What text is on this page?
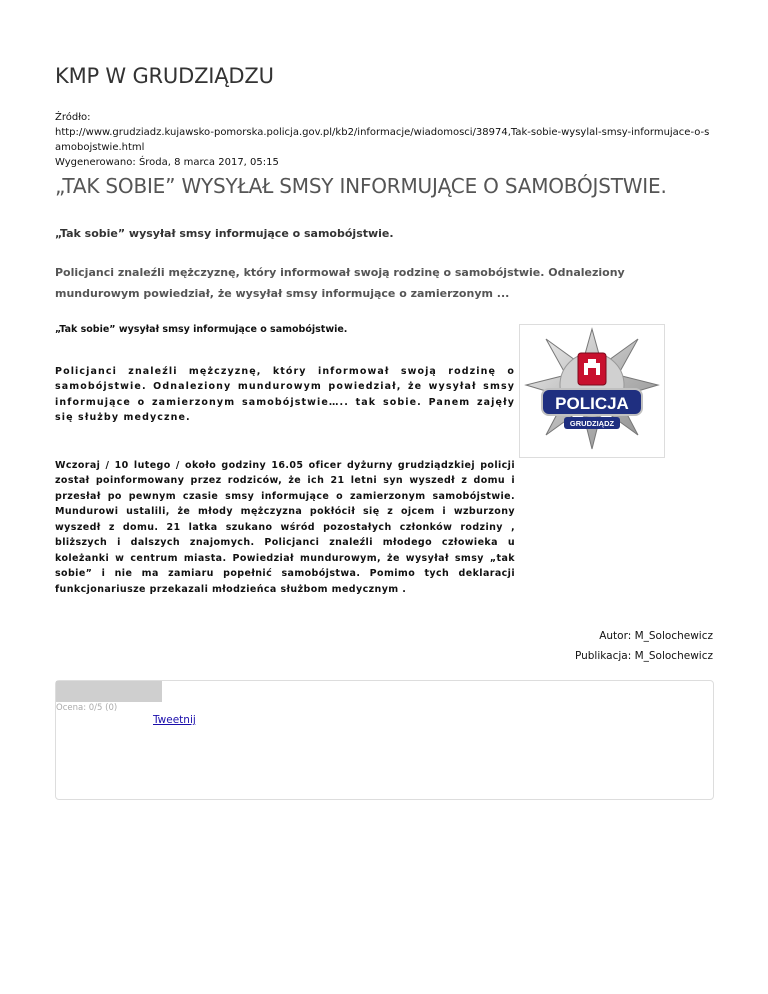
KMP W GRUDZIĄDZU
Źródło:
http://www.grudziadz.kujawsko-pomorska.policja.gov.pl/kb2/informacje/wiadomosci/38974,Tak-sobie-wysylal-smsy-informujace-o-samobojstwie.html
Wygenerowano: Środa, 8 marca 2017, 05:15
„TAK SOBIE” WYSYŁAŁ SMSY INFORMUJĄCE O SAMOBÓJSTWIE.
„Tak sobie” wysyłał smsy informujące o samobójstwie.
Policjanci znaleźli mężczyznę, który informował swoją rodzinę o samobójstwie. Odnaleziony mundurowym powiedział, że wysyłał smsy informujące o zamierzonym ...

„Tak sobie” wysyłał smsy informujące o samobójstwie.

Policjanci znaleźli mężczyznę, który informował swoją rodzinę o samobójstwie. Odnaleziony mundurowym powiedział, że wysyłał smsy informujące o zamierzonym samobójstwie….. tak sobie. Panem zajęły się służby medyczne.

Wczoraj / 10 lutego / około godziny 16.05 oficer dyżurny grudziądzkiej policji został poinformowany przez rodziców, że ich 21 letni syn wyszedł z domu i przesłał po pewnym czasie smsy informujące o zamierzonym samobójstwie. Mundurowi ustalili, że młody mężczyzna pokłócił się z ojcem i wzburzony wyszedł z domu. 21 latka szukano wśród pozostałych członków rodziny , bliższych i dalszych znajomych. Policjanci znaleźli młodego człowieka u koleżanki w centrum miasta. Powiedział mundurowym, że wysyłał smsy „tak sobie” i nie ma zamiaru popełnić samobójstwa. Pomimo tych deklaracji funkcjonariusze przekazali młodzieńca służbom medycznym .

POLICJA
GRUDZIĄDZ
Autor: M_Solochewicz
Publikacja: M_Solochewicz
Ocena: 0/5 (0)
Tweetnij
